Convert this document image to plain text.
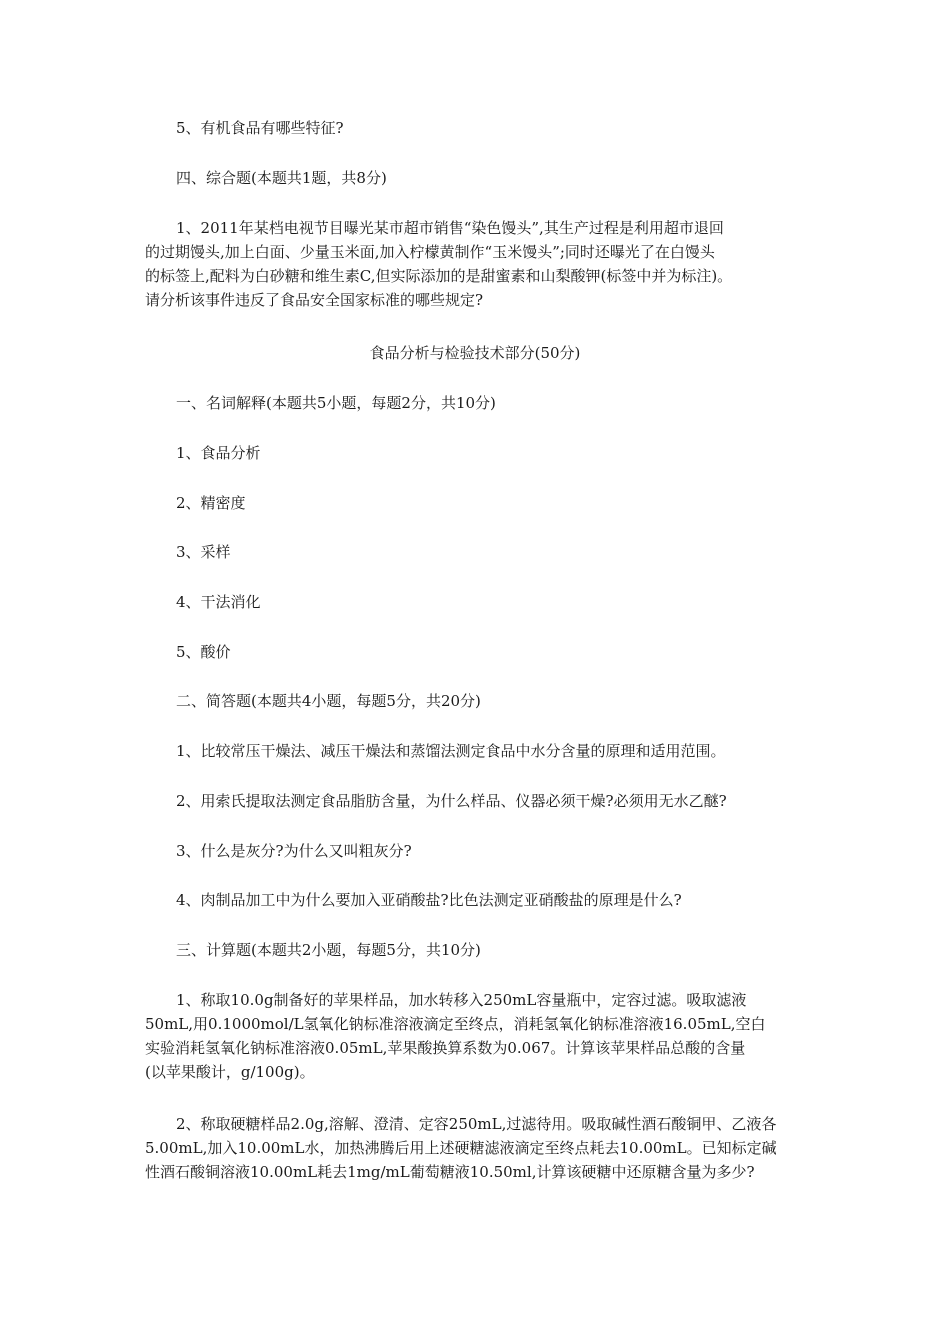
5、有机食品有哪些特征?
四、综合题(本题共1题，共8分)
1、2011年某档电视节目曝光某市超市销售“染色馒头”,其生产过程是利用超市退回
的过期馒头,加上白面、少量玉米面,加入柠檬黄制作“玉米馒头”;同时还曝光了在白馒头
的标签上,配料为白砂糖和维生素C,但实际添加的是甜蜜素和山梨酸钾(标签中并为标注)。
请分析该事件违反了食品安全国家标准的哪些规定?
食品分析与检验技术部分(50分)
一、名词解释(本题共5小题，每题2分，共10分)
1、食品分析
2、精密度
3、采样
4、干法消化
5、酸价
二、简答题(本题共4小题，每题5分，共20分)
1、比较常压干燥法、减压干燥法和蒸馏法测定食品中水分含量的原理和适用范围。
2、用索氏提取法测定食品脂肪含量，为什么样品、仪器必须干燥?必须用无水乙醚?
3、什么是灰分?为什么又叫粗灰分?
4、肉制品加工中为什么要加入亚硝酸盐?比色法测定亚硝酸盐的原理是什么?
三、计算题(本题共2小题，每题5分，共10分)
1、称取10.0g制备好的苹果样品，加水转移入250mL容量瓶中，定容过滤。吸取滤液
50mL,用0.1000mol/L氢氧化钠标准溶液滴定至终点，消耗氢氧化钠标准溶液16.05mL,空白
实验消耗氢氧化钠标准溶液0.05mL,苹果酸换算系数为0.067。计算该苹果样品总酸的含量
(以苹果酸计，g/100g)。
2、称取硬糖样品2.0g,溶解、澄清、定容250mL,过滤待用。吸取碱性酒石酸铜甲、乙液各
5.00mL,加入10.00mL水，加热沸腾后用上述硬糖滤液滴定至终点耗去10.00mL。已知标定碱
性酒石酸铜溶液10.00mL耗去1mg/mL葡萄糖液10.50ml,计算该硬糖中还原糖含量为多少?
